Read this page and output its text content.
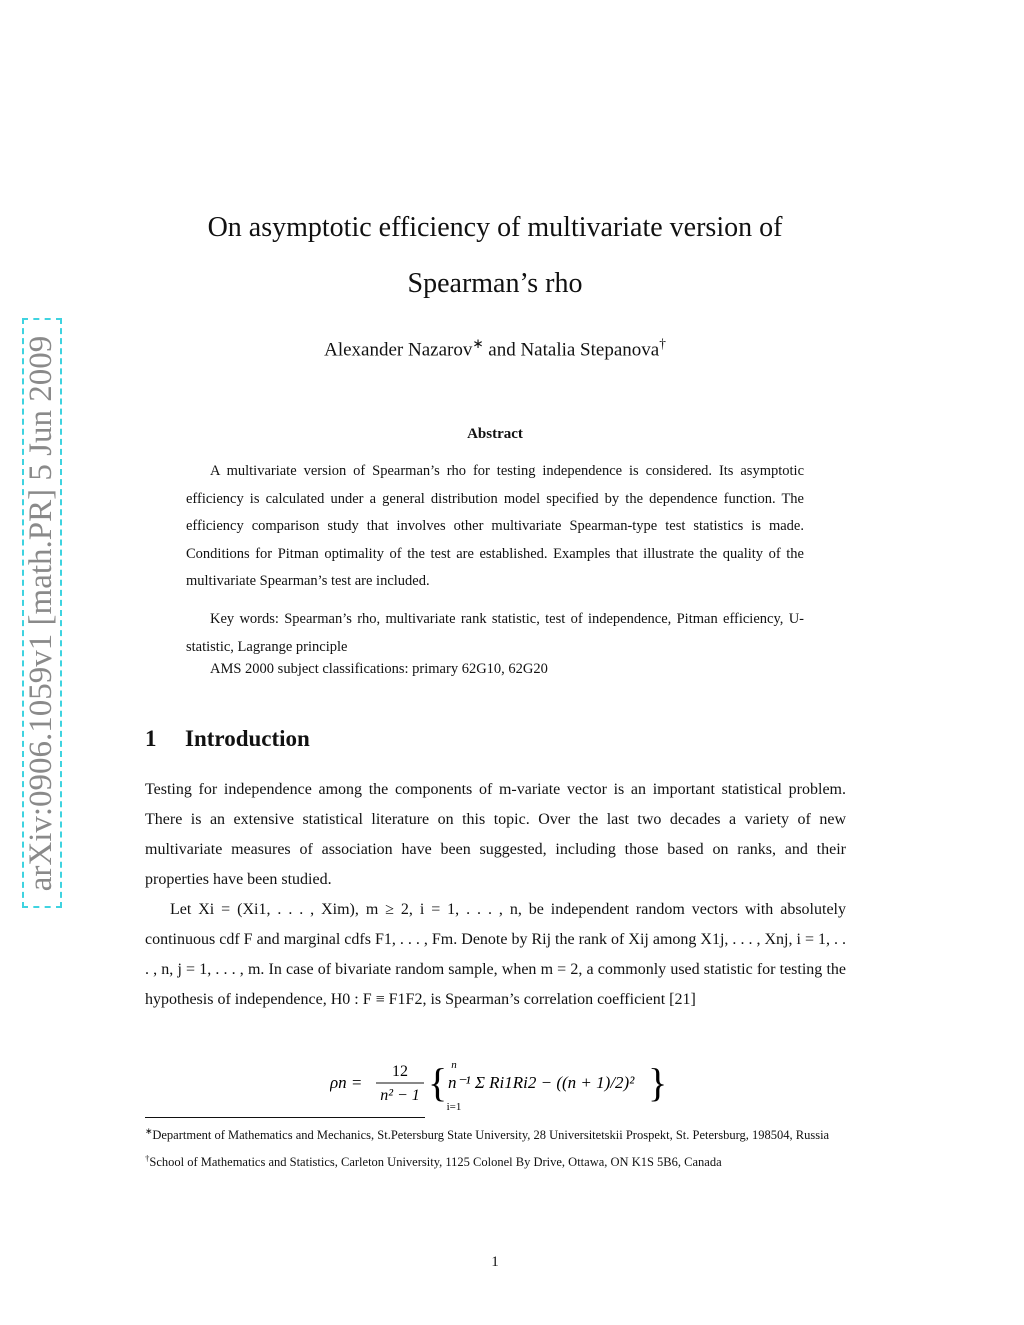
arXiv:0906.1059v1 [math.PR] 5 Jun 2009
On asymptotic efficiency of multivariate version of
Spearman’s rho
Alexander Nazarov∗ and Natalia Stepanova†
Abstract

A multivariate version of Spearman’s rho for testing independence is considered. Its asymptotic efficiency is calculated under a general distribution model specified by the dependence function. The efficiency comparison study that involves other multivariate Spearman-type test statistics is made. Conditions for Pitman optimality of the test are established. Examples that illustrate the quality of the multivariate Spearman’s test are included.

Key words: Spearman’s rho, multivariate rank statistic, test of independence, Pitman efficiency, U-statistic, Lagrange principle

AMS 2000 subject classifications: primary 62G10, 62G20
1 Introduction

Testing for independence among the components of m-variate vector is an important statistical problem. There is an extensive statistical literature on this topic. Over the last two decades a variety of new multivariate measures of association have been suggested, including those based on ranks, and their properties have been studied.

Let Xi = (Xi1, . . . , Xim), m ≥ 2, i = 1, . . . , n, be independent random vectors with absolutely continuous cdf F and marginal cdfs F1, . . . , Fm. Denote by Rij the rank of Xij among X1j, . . . , Xnj, i = 1, . . . , n, j = 1, . . . , m. In case of bivariate random sample, when m = 2, a commonly used statistic for testing the hypothesis of independence, H0 : F ≡ F1F2, is Spearman’s correlation coefficient [21]

ρn =
12
n² − 1 { n
i=1
n⁻¹ Σ Ri1Ri2 − ((n + 1)/2)² }

∗Department of Mathematics and Mechanics, St.Petersburg State University, 28 Universitetskii Prospekt, St. Petersburg, 198504, Russia

†School of Mathematics and Statistics, Carleton University, 1125 Colonel By Drive, Ottawa, ON K1S 5B6, Canada

1
